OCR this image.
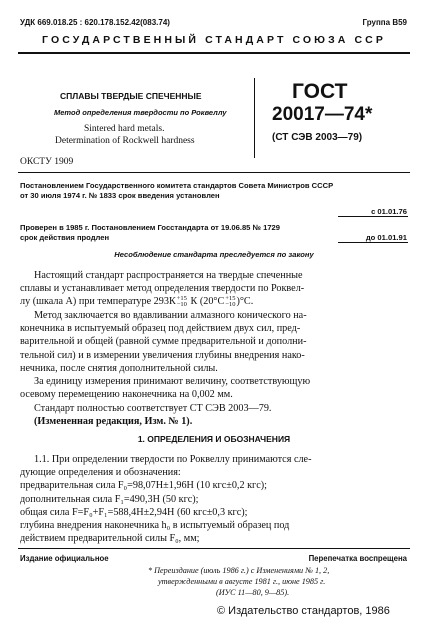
УДК 669.018.25 : 620.178.152.42(083.74)	Группа В59
ГОСУДАРСТВЕННЫЙ СТАНДАРТ СОЮЗА ССР
СПЛАВЫ ТВЕРДЫЕ СПЕЧЕННЫЕ
Метод определения твердости по Роквеллу
Sintered hard metals.
Determination of Rockwell hardness
ГОСТ
20017—74*
(СТ СЭВ 2003—79)
ОКСТУ 1909
Постановлением Государственного комитета стандартов Совета Министров СССР
от 30 июля 1974 г. № 1833 срок введения установлен
с 01.01.76
Проверен в 1985 г. Постановлением Госстандарта от 19.06.85 № 1729
срок действия продлен	до 01.01.91
Несоблюдение стандарта преследуется по закону
Настоящий стандарт распространяется на твердые спеченные
сплавы и устанавливает метод определения твердости по Роквел-
лу (шкала А) при температуре 293К +15
−10 К (20°С +15
−10 )°С.
Метод заключается во вдавливании алмазного конического на-
конечника в испытуемый образец под действием двух сил, пред-
варительной и общей (равной сумме предварительной и дополни-
тельной сил) и в измерении увеличения глубины внедрения нако-
нечника, после снятия дополнительной силы.
За единицу измерения принимают величину, соответствующую
осевому перемещению наконечника на 0,002 мм.
Стандарт полностью соответствует СТ СЭВ 2003—79.
(Измененная редакция, Изм. № 1).
1. ОПРЕДЕЛЕНИЯ И ОБОЗНАЧЕНИЯ
1.1. При определении твердости по Роквеллу принимаются сле-
дующие определения и обозначения:
предварительная сила F₀=98,07Н±1,96Н (10 кгс±0,2 кгс);
дополнительная сила F₁=490,3Н (50 кгс);
общая сила F=F₀+F₁=588,4Н±2,94Н (60 кгс±0,3 кгс);
глубина внедрения наконечника h₀ в испытуемый образец под
действием предварительной силы F₀, мм;
Издание официальное	Перепечатка воспрещена
* Переиздание (июль 1986 г.) с Изменениями № 1, 2,
утвержденными в августе 1981 г., июне 1985 г.
(ИУС 11—80, 9—85).
© Издательство стандартов, 1986
